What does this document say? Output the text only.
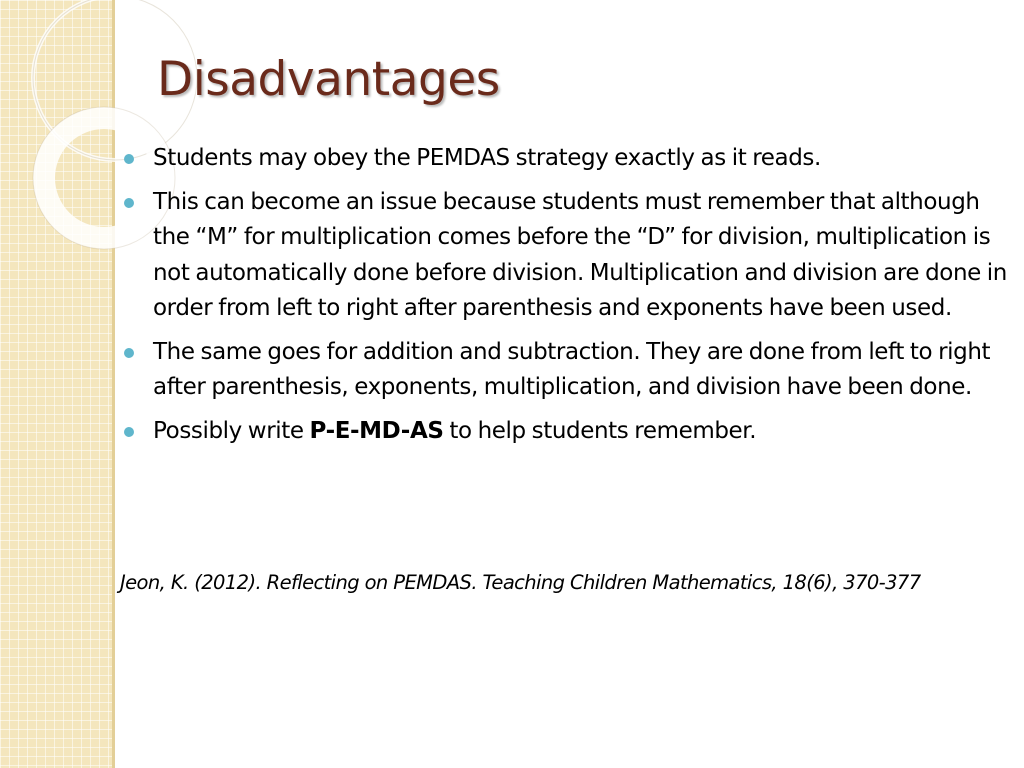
Disadvantages
Students may obey the PEMDAS strategy exactly as it reads.
This can become an issue because students must remember that although the “M” for multiplication comes before the “D” for division, multiplication is not automatically done before division. Multiplication and division are done in order from left to right after parenthesis and exponents have been used.
The same goes for addition and subtraction. They are done from left to right after parenthesis, exponents, multiplication, and division have been done.
Possibly write P-E-MD-AS to help students remember.

Jeon, K. (2012). Reflecting on PEMDAS. Teaching Children Mathematics, 18(6), 370-377
